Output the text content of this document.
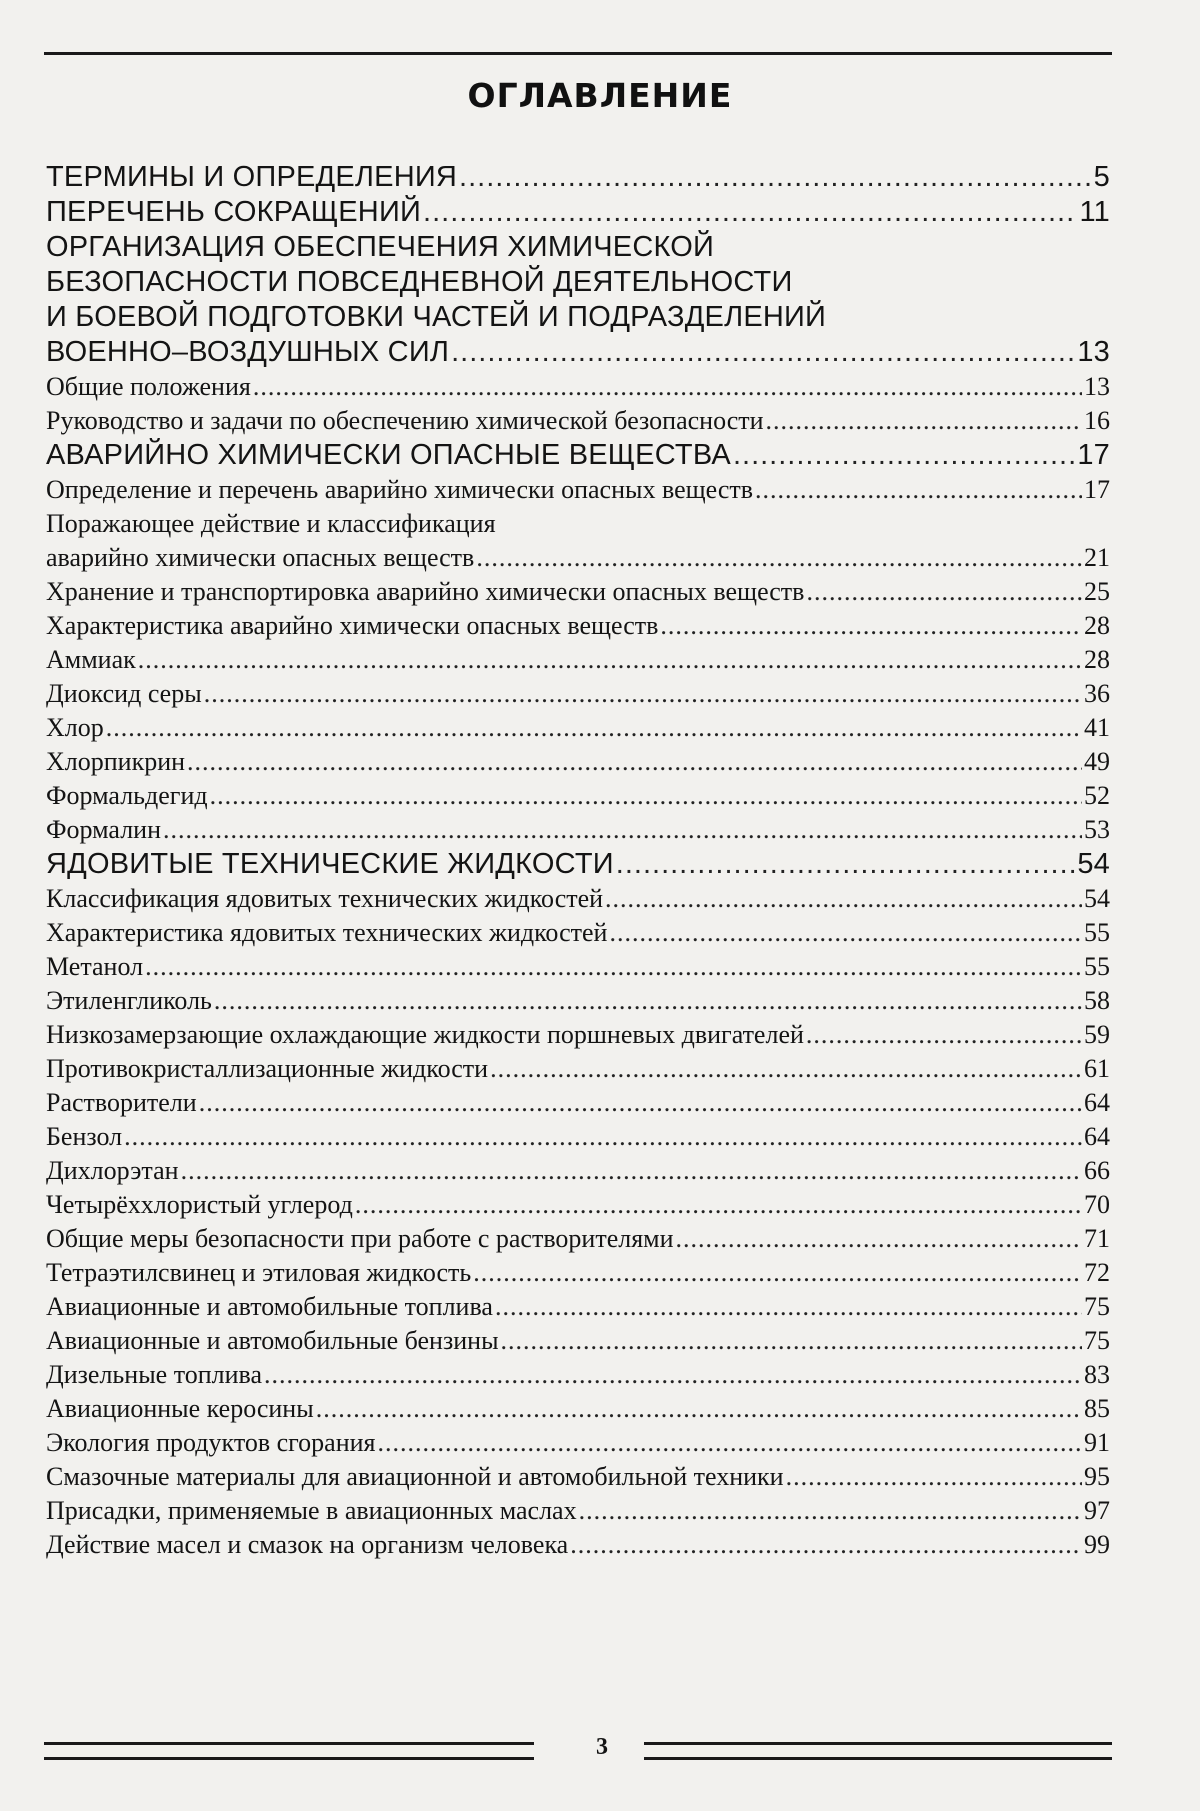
ОГЛАВЛЕНИЕ
ТЕРМИНЫ И ОПРЕДЕЛЕНИЯ .....	5
ПЕРЕЧЕНЬ СОКРАЩЕНИЙ .....	11
ОРГАНИЗАЦИЯ ОБЕСПЕЧЕНИЯ ХИМИЧЕСКОЙ
БЕЗОПАСНОСТИ ПОВСЕДНЕВНОЙ ДЕЯТЕЛЬНОСТИ
И БОЕВОЙ ПОДГОТОВКИ ЧАСТЕЙ И ПОДРАЗДЕЛЕНИЙ
ВОЕННО–ВОЗДУШНЫХ СИЛ .....	13
Общие положения .....	13
Руководство и задачи по обеспечению химической безопасности .....	16
АВАРИЙНО ХИМИЧЕСКИ ОПАСНЫЕ ВЕЩЕСТВА .....	17
Определение и перечень аварийно химически опасных веществ .....	17
Поражающее действие и классификация
аварийно химически опасных веществ .....	21
Хранение и транспортировка аварийно химически опасных веществ .....	25
Характеристика аварийно химически опасных веществ .....	28
Аммиак .....	28
Диоксид серы .....	36
Хлор .....	41
Хлорпикрин .....	49
Формальдегид .....	52
Формалин .....	53
ЯДОВИТЫЕ ТЕХНИЧЕСКИЕ ЖИДКОСТИ .....	54
Классификация ядовитых технических жидкостей .....	54
Характеристика ядовитых технических жидкостей .....	55
Метанол .....	55
Этиленгликоль .....	58
Низкозамерзающие охлаждающие жидкости поршневых двигателей .....	59
Противокристаллизационные жидкости .....	61
Растворители .....	64
Бензол .....	64
Дихлорэтан .....	66
Четырёххлористый углерод .....	70
Общие меры безопасности при работе с растворителями .....	71
Тетраэтилсвинец и этиловая жидкость .....	72
Авиационные и автомобильные топлива .....	75
Авиационные и автомобильные бензины .....	75
Дизельные топлива .....	83
Авиационные керосины .....	85
Экология продуктов сгорания .....	91
Смазочные материалы для авиационной и автомобильной техники .....	95
Присадки, применяемые в авиационных маслах .....	97
Действие масел и смазок на организм человека .....	99
3
